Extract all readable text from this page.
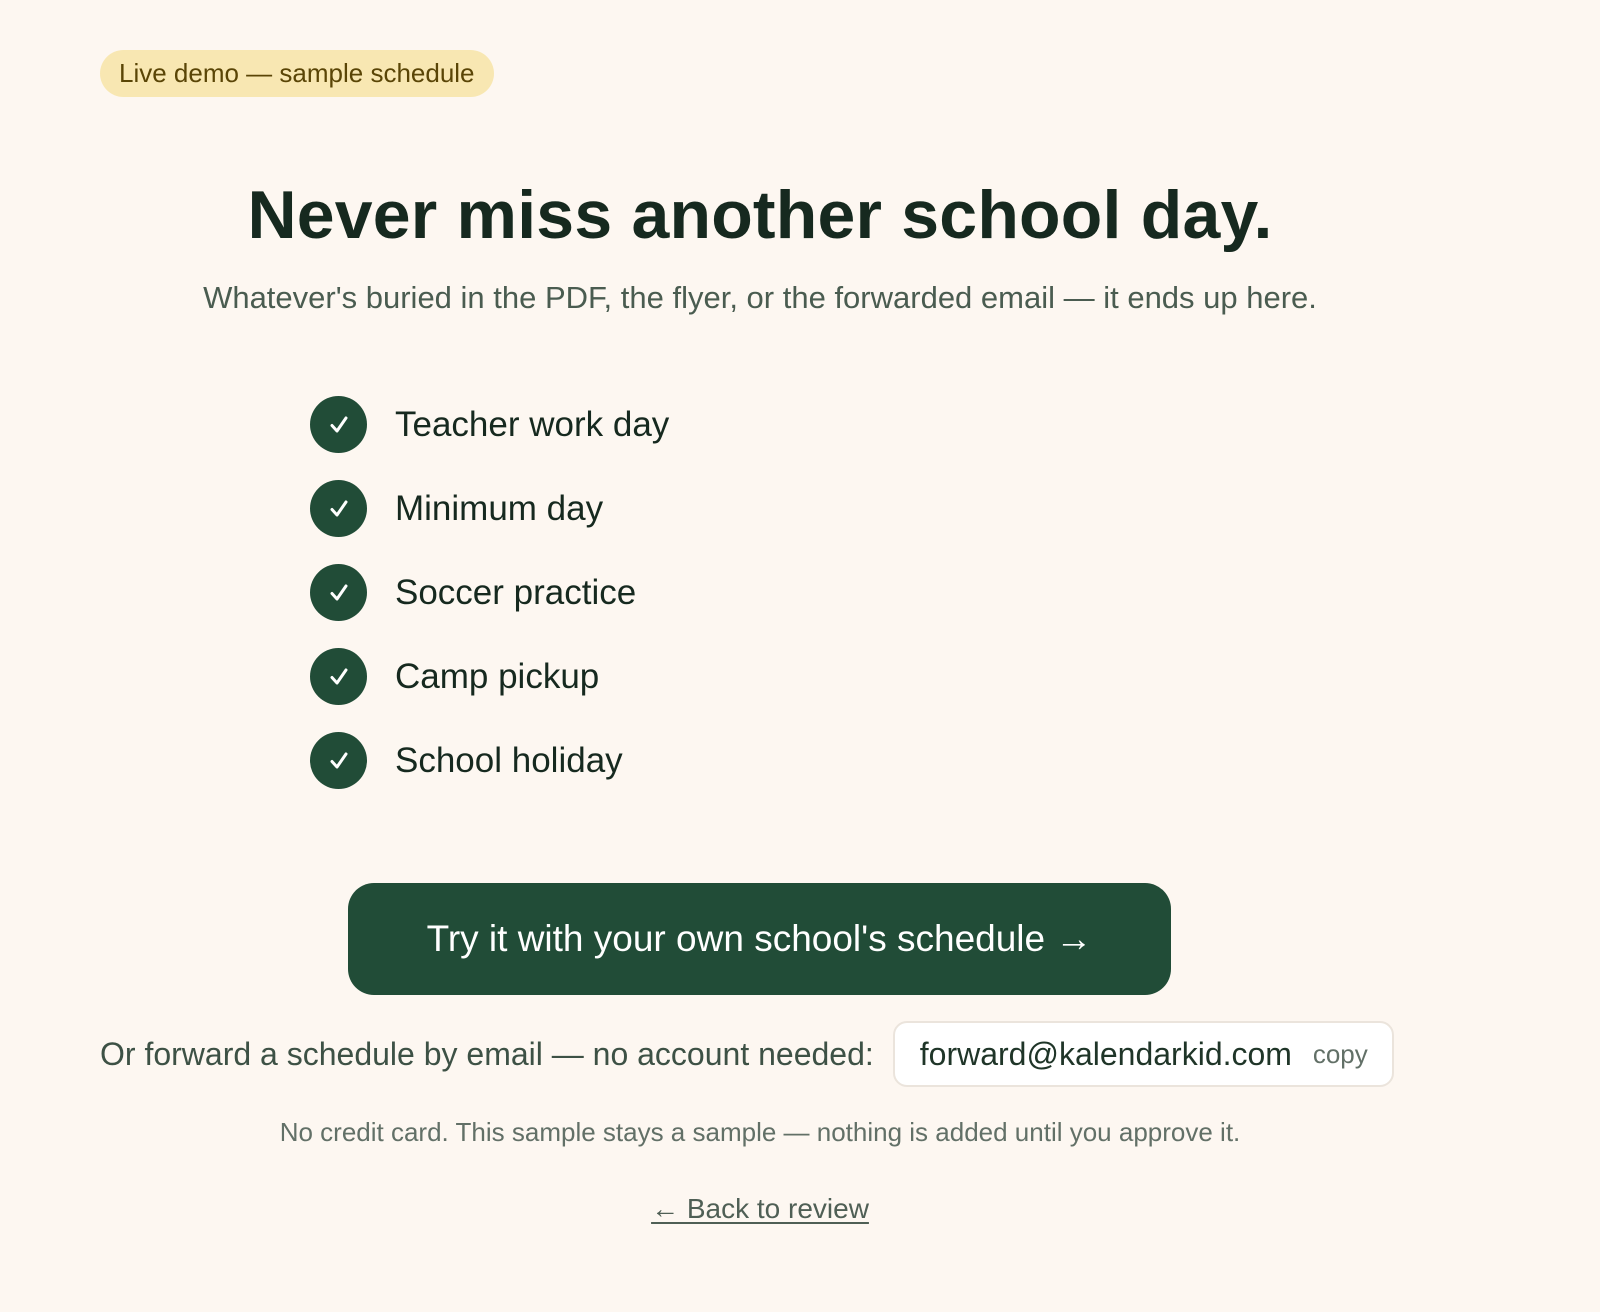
Live demo — sample schedule
Never miss another school day.
Whatever's buried in the PDF, the flyer, or the forwarded email — it ends up here.
Teacher work day
Minimum day
Soccer practice
Camp pickup
School holiday
Try it with your own school's schedule →
Or forward a schedule by email — no account needed: forward@kalendarkid.com copy
No credit card. This sample stays a sample — nothing is added until you approve it.
← Back to review
